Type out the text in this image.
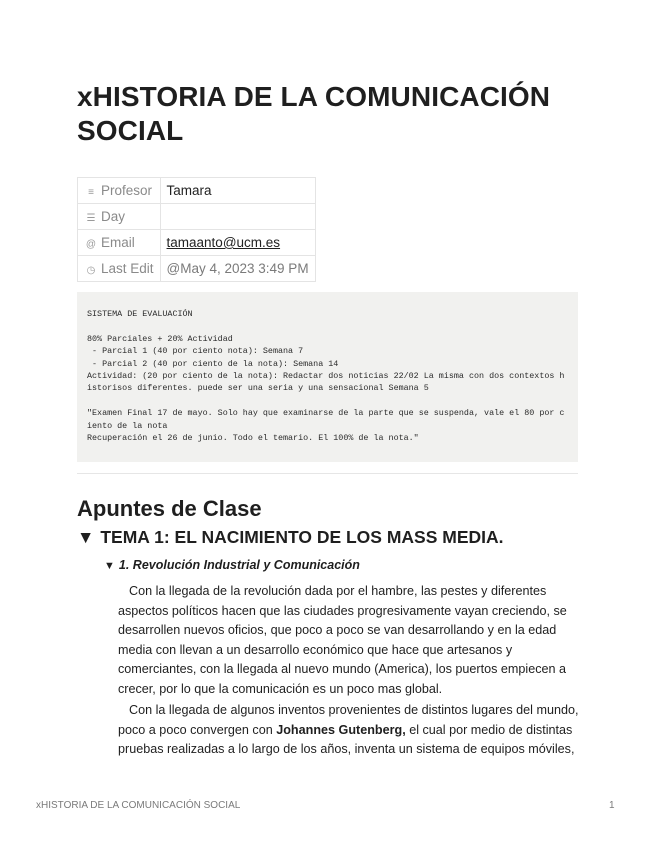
xHISTORIA DE LA COMUNICACIÓN SOCIAL
≡ Profesor	Tamara
☰ Day	
@ Email	tamaanto@ucm.es
◷ Last Edit	@May 4, 2023 3:49 PM
SISTEMA DE EVALUACIÓN

80% Parciales + 20% Actividad
- Parcial 1 (40 por ciento nota): Semana 7
- Parcial 2 (40 por ciento de la nota): Semana 14
Actividad: (20 por ciento de la nota): Redactar dos noticias 22/02 La misma con dos contextos historisos diferentes. puede ser una seria y una sensacional Semana 5

"Examen Final 17 de mayo. Solo hay que examinarse de la parte que se suspenda, vale el 80 por ciento de la nota
Recuperación el 26 de junio. Todo el temario. El 100% de la nota."
Apuntes de Clase
▼ TEMA 1: EL NACIMIENTO DE LOS MASS MEDIA.
▼ 1. Revolución Industrial y Comunicación

Con la llegada de la revolución dada por el hambre, las pestes y diferentes aspectos políticos hacen que las ciudades progresivamente vayan creciendo, se desarrollen nuevos oficios, que poco a poco se van desarrollando y en la edad media con llevan a un desarrollo económico que hace que artesanos y comerciantes, con la llegada al nuevo mundo (America), los puertos empiecen a crecer, por lo que la comunicación es un poco mas global.

Con la llegada de algunos inventos provenientes de distintos lugares del mundo, poco a poco convergen con Johannes Gutenberg, el cual por medio de distintas pruebas realizadas a lo largo de los años, inventa un sistema de equipos móviles,

xHISTORIA DE LA COMUNICACIÓN SOCIAL	1
